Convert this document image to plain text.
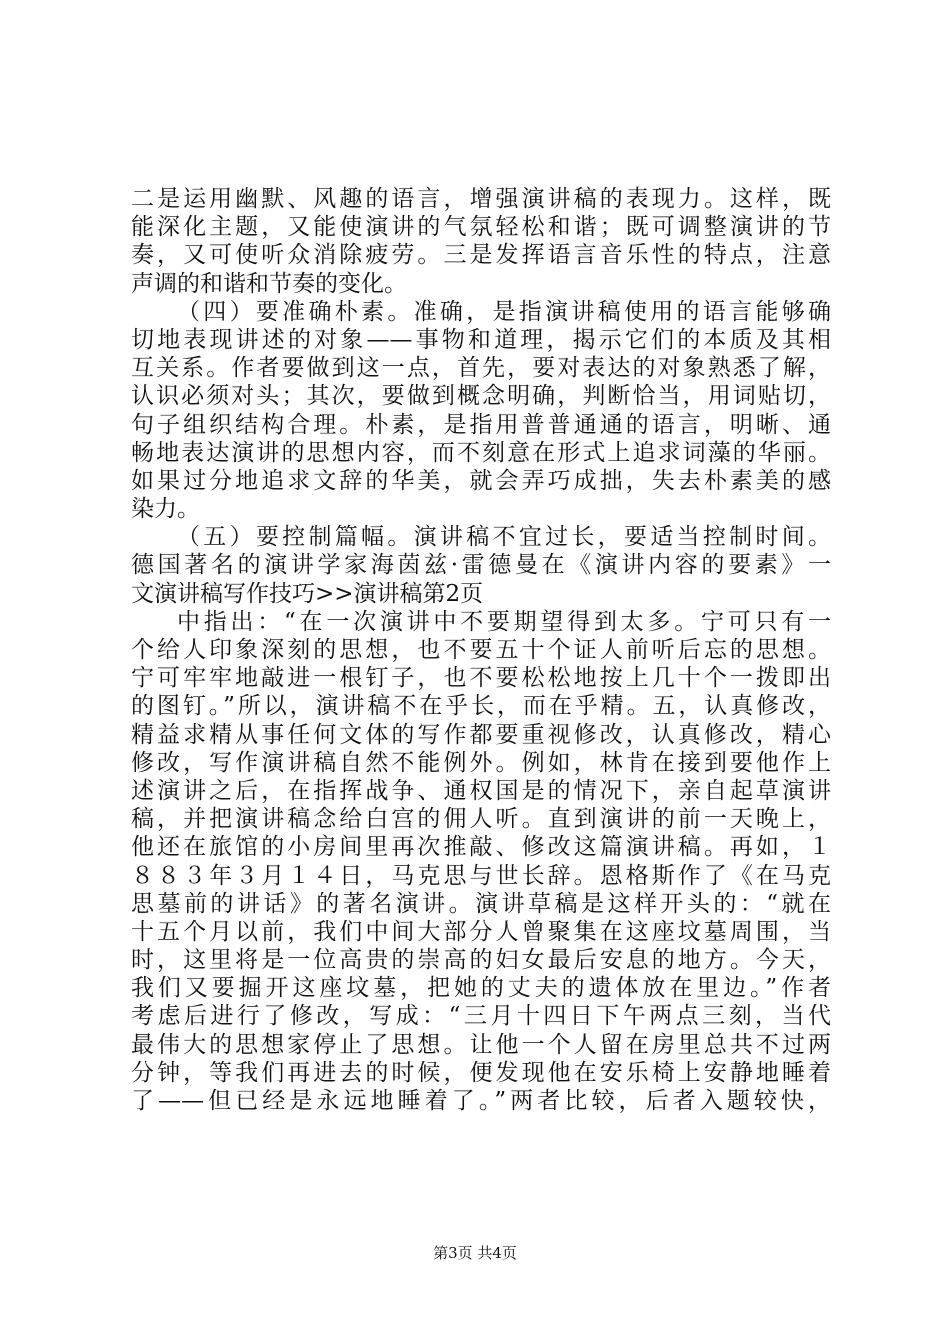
二是运用幽默、风趣的语言，增强演讲稿的表现力。这样，既
能深化主题，又能使演讲的气氛轻松和谐；既可调整演讲的节
奏，又可使听众消除疲劳。三是发挥语言音乐性的特点，注意
声调的和谐和节奏的变化。
（四）要准确朴素。准确，是指演讲稿使用的语言能够确
切地表现讲述的对象——事物和道理，揭示它们的本质及其相
互关系。作者要做到这一点，首先，要对表达的对象熟悉了解，
认识必须对头；其次，要做到概念明确，判断恰当，用词贴切，
句子组织结构合理。朴素，是指用普普通通的语言，明晰、通
畅地表达演讲的思想内容，而不刻意在形式上追求词藻的华丽。
如果过分地追求文辞的华美，就会弄巧成拙，失去朴素美的感
染力。
（五）要控制篇幅。演讲稿不宜过长，要适当控制时间。
德国著名的演讲学家海茵兹·雷德曼在《演讲内容的要素》一
文演讲稿写作技巧>>演讲稿第2页
中指出：“在一次演讲中不要期望得到太多。宁可只有一
个给人印象深刻的思想，也不要五十个证人前听后忘的思想。
宁可牢牢地敲进一根钉子，也不要松松地按上几十个一拨即出
的图钉。”所以，演讲稿不在乎长，而在乎精。五，认真修改，
精益求精从事任何文体的写作都要重视修改，认真修改，精心
修改，写作演讲稿自然不能例外。例如，林肯在接到要他作上
述演讲之后，在指挥战争、通权国是的情况下，亲自起草演讲
稿，并把演讲稿念给白宫的佣人听。直到演讲的前一天晚上，
他还在旅馆的小房间里再次推敲、修改这篇演讲稿。再如，１
８８３年３月１４日，马克思与世长辞。恩格斯作了《在马克
思墓前的讲话》的著名演讲。演讲草稿是这样开头的：“就在
十五个月以前，我们中间大部分人曾聚集在这座坟墓周围，当
时，这里将是一位高贵的崇高的妇女最后安息的地方。今天，
我们又要掘开这座坟墓，把她的丈夫的遗体放在里边。”作者
考虑后进行了修改，写成：“三月十四日下午两点三刻，当代
最伟大的思想家停止了思想。让他一个人留在房里总共不过两
分钟，等我们再进去的时候，便发现他在安乐椅上安静地睡着
了——但已经是永远地睡着了。”两者比较，后者入题较快，
第3页 共4页
